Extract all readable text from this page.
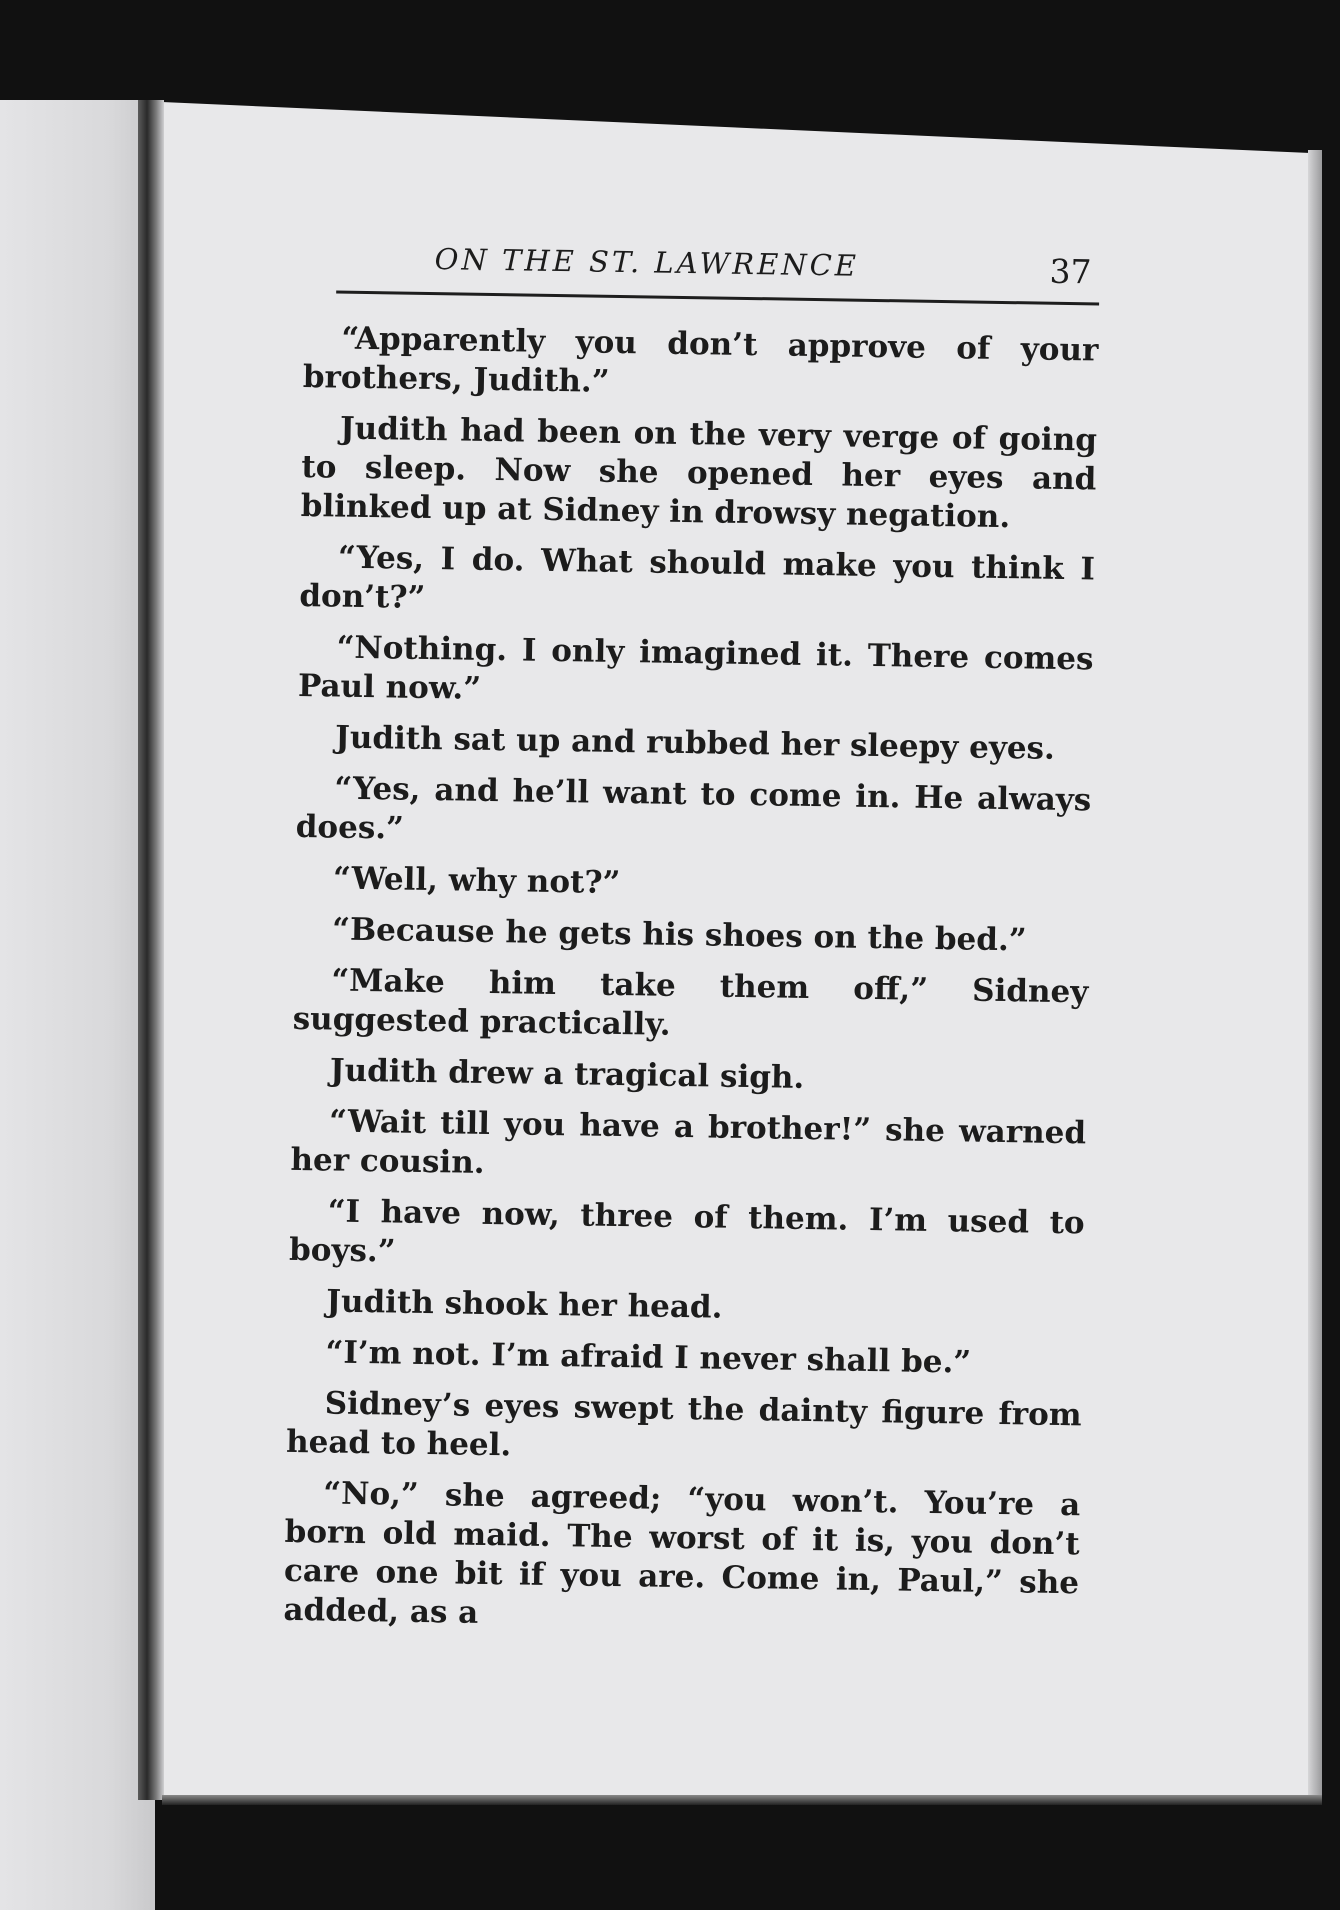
ON THE ST. LAWRENCE	37

“Apparently you don’t approve of your brothers, Judith.”

Judith had been on the very verge of going to sleep. Now she opened her eyes and blinked up at Sidney in drowsy negation.

“Yes, I do. What should make you think I don’t?”

“Nothing. I only imagined it. There comes Paul now.”

Judith sat up and rubbed her sleepy eyes.

“Yes, and he’ll want to come in. He always does.”

“Well, why not?”

“Because he gets his shoes on the bed.”

“Make him take them off,” Sidney suggested practically.

Judith drew a tragical sigh.

“Wait till you have a brother!” she warned her cousin.

“I have now, three of them. I’m used to boys.”

Judith shook her head.

“I’m not. I’m afraid I never shall be.”

Sidney’s eyes swept the dainty figure from head to heel.

“No,” she agreed; “you won’t. You’re a born old maid. The worst of it is, you don’t care one bit if you are. Come in, Paul,” she added, as a
